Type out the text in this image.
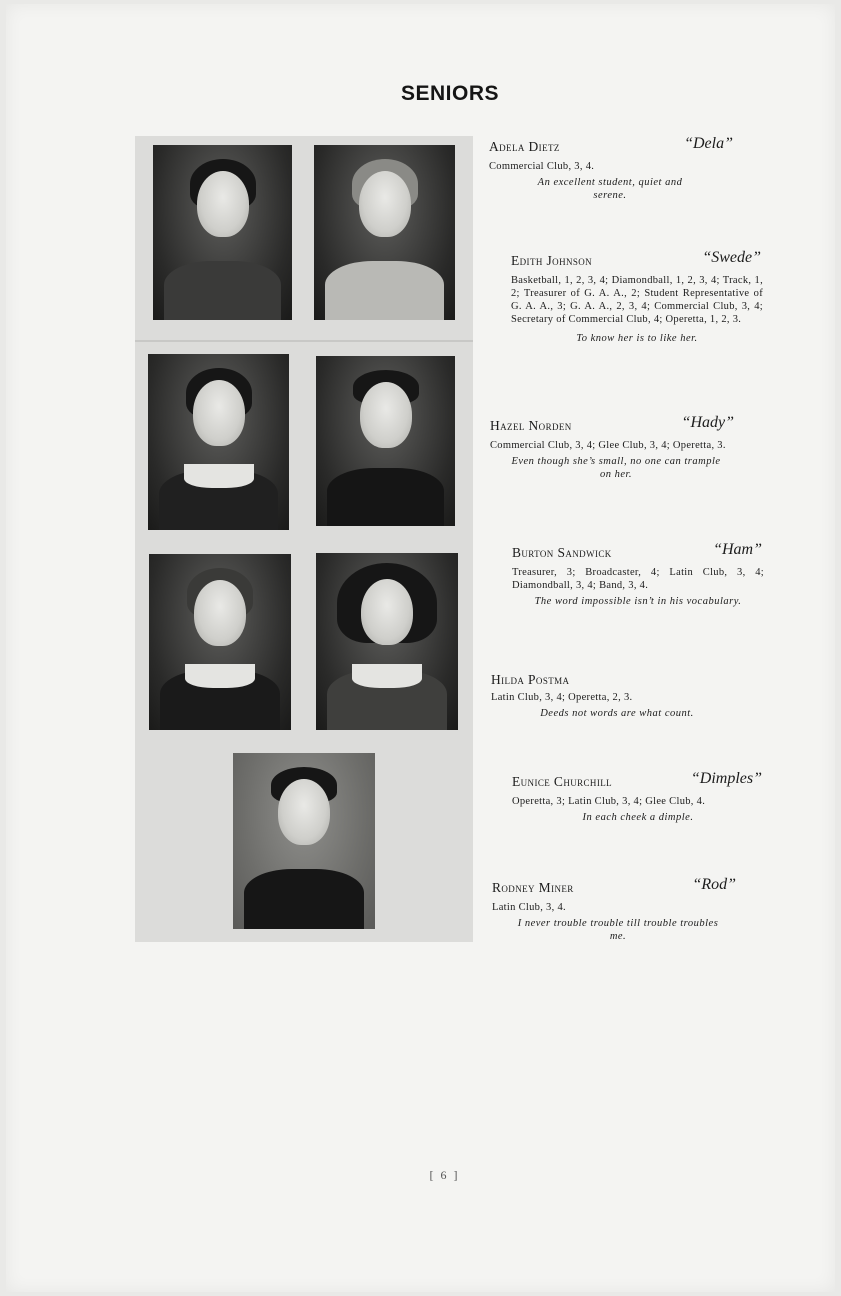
SENIORS
Adela Dietz	“Dela”
Commercial Club, 3, 4.
An excellent student, quiet and serene.
Edith Johnson	“Swede”
Basketball, 1, 2, 3, 4; Diamondball, 1, 2, 3, 4; Track, 1, 2; Treasurer of G. A. A., 2; Student Representative of G. A. A., 3; G. A. A., 2, 3, 4; Commercial Club, 3, 4; Secretary of Commercial Club, 4; Operetta, 1, 2, 3.
To know her is to like her.
Hazel Norden	“Hady”
Commercial Club, 3, 4; Glee Club, 3, 4; Operetta, 3.
Even though she’s small, no one can trample on her.
Burton Sandwick	“Ham”
Treasurer, 3; Broadcaster, 4; Latin Club, 3, 4; Diamondball, 3, 4; Band, 3, 4.
The word impossible isn’t in his vocabulary.
Hilda Postma
Latin Club, 3, 4; Operetta, 2, 3.
Deeds not words are what count.
Eunice Churchill	“Dimples”
Operetta, 3; Latin Club, 3, 4; Glee Club, 4.
In each cheek a dimple.
Rodney Miner	“Rod”
Latin Club, 3, 4.
I never trouble trouble till trouble troubles me.
[ 6 ]
